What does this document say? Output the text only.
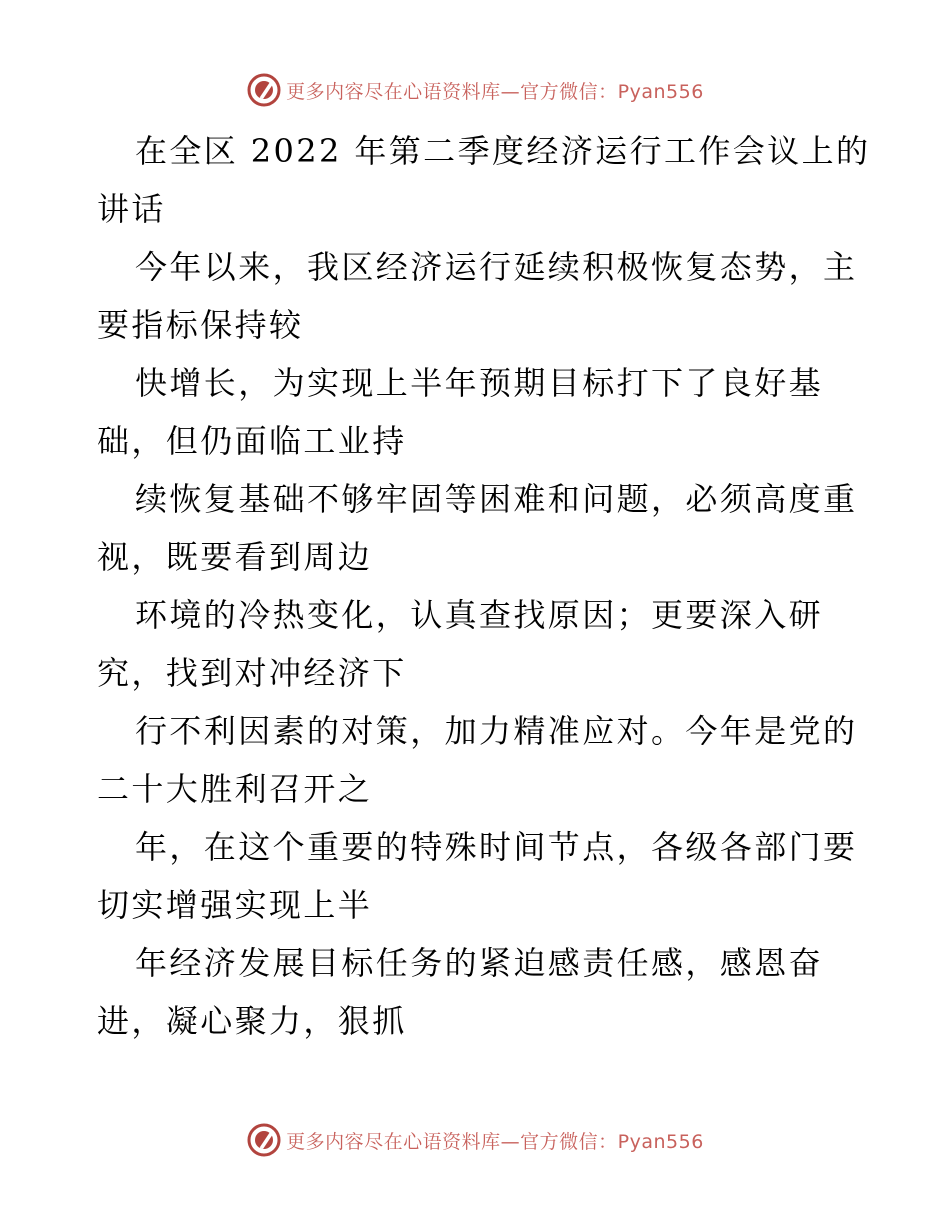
更多内容尽在心语资料库—官方微信：Pyan556
在全区 2022 年第二季度经济运行工作会议上的
讲话
今年以来，我区经济运行延续积极恢复态势，主
要指标保持较
快增长，为实现上半年预期目标打下了良好基
础，但仍面临工业持
续恢复基础不够牢固等困难和问题，必须高度重
视，既要看到周边
环境的冷热变化，认真查找原因；更要深入研
究，找到对冲经济下
行不利因素的对策，加力精准应对。今年是党的
二十大胜利召开之
年，在这个重要的特殊时间节点，各级各部门要
切实增强实现上半
年经济发展目标任务的紧迫感责任感，感恩奋
进，凝心聚力，狠抓
更多内容尽在心语资料库—官方微信：Pyan556
